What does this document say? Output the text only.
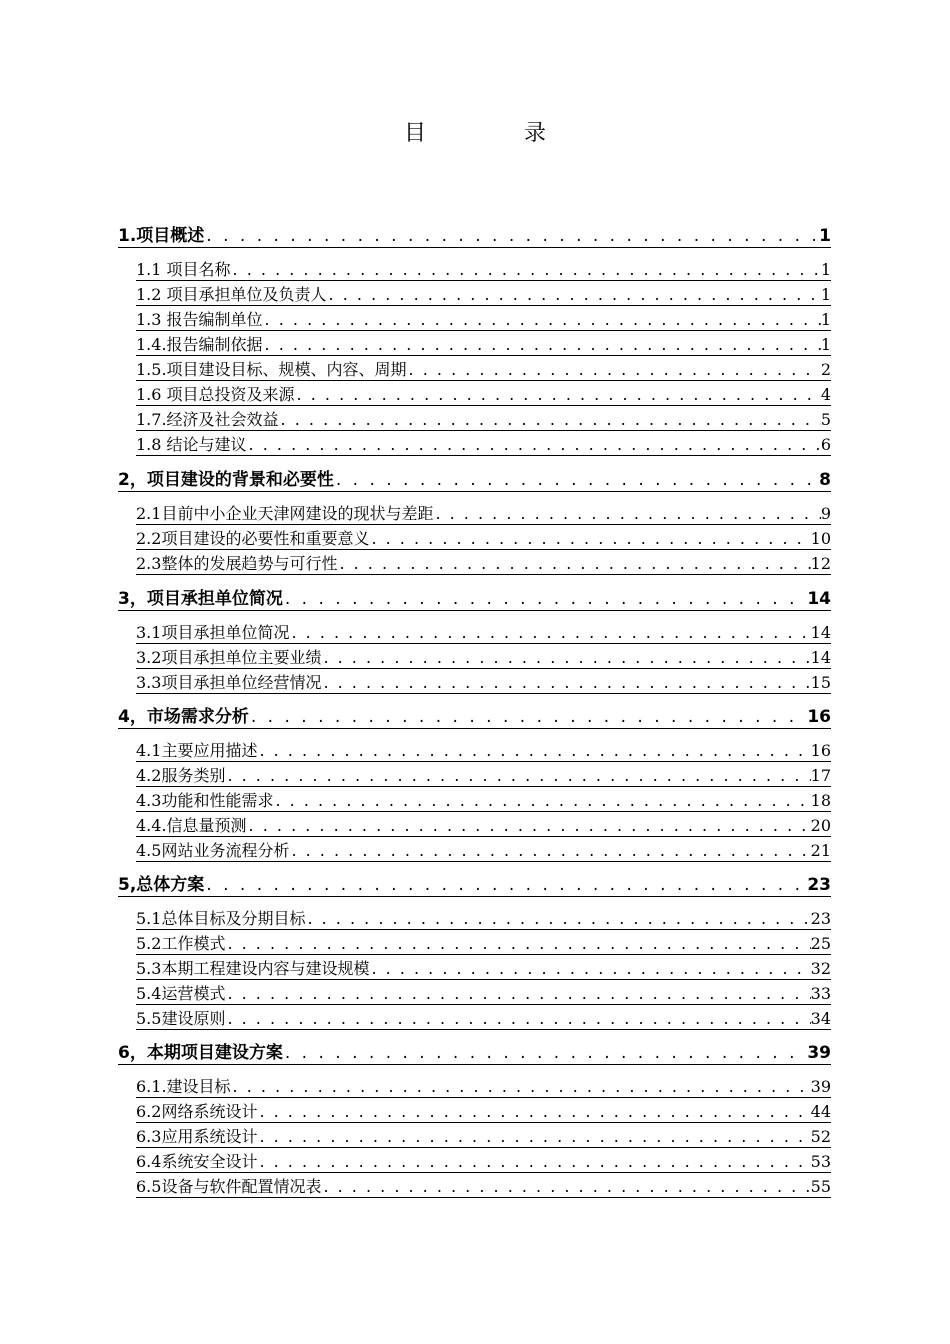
目　录
1.项目概述 . . .	1
1.1 项目名称 . . .	1
1.2 项目承担单位及负责人 . . .	1
1.3 报告编制单位 . . .	1
1.4.报告编制依据 . . .	1
1.5.项目建设目标、规模、内容、周期 . . .	2
1.6 项目总投资及来源 . . .	4
1.7.经济及社会效益 . . .	5
1.8 结论与建议 . . .	6
2，项目建设的背景和必要性 . . .	8
2.1目前中小企业天津网建设的现状与差距 . . .	9
2.2项目建设的必要性和重要意义 . . .	10
2.3整体的发展趋势与可行性 . . .	12
3，项目承担单位简况 . . .	14
3.1项目承担单位简况 . . .	14
3.2项目承担单位主要业绩 . . .	14
3.3项目承担单位经营情况 . . .	15
4，市场需求分析 . . .	16
4.1主要应用描述 . . .	16
4.2服务类别 . . .	17
4.3功能和性能需求 . . .	18
4.4.信息量预测 . . .	20
4.5网站业务流程分析 . . .	21
5,总体方案 . . .	23
5.1总体目标及分期目标 . . .	23
5.2工作模式 . . .	25
5.3本期工程建设内容与建设规模 . . .	32
5.4运营模式 . . .	33
5.5建设原则 . . .	34
6，本期项目建设方案 . . .	39
6.1.建设目标 . . .	39
6.2网络系统设计 . . .	44
6.3应用系统设计 . . .	52
6.4系统安全设计 . . .	53
6.5设备与软件配置情况表 . . .	55
